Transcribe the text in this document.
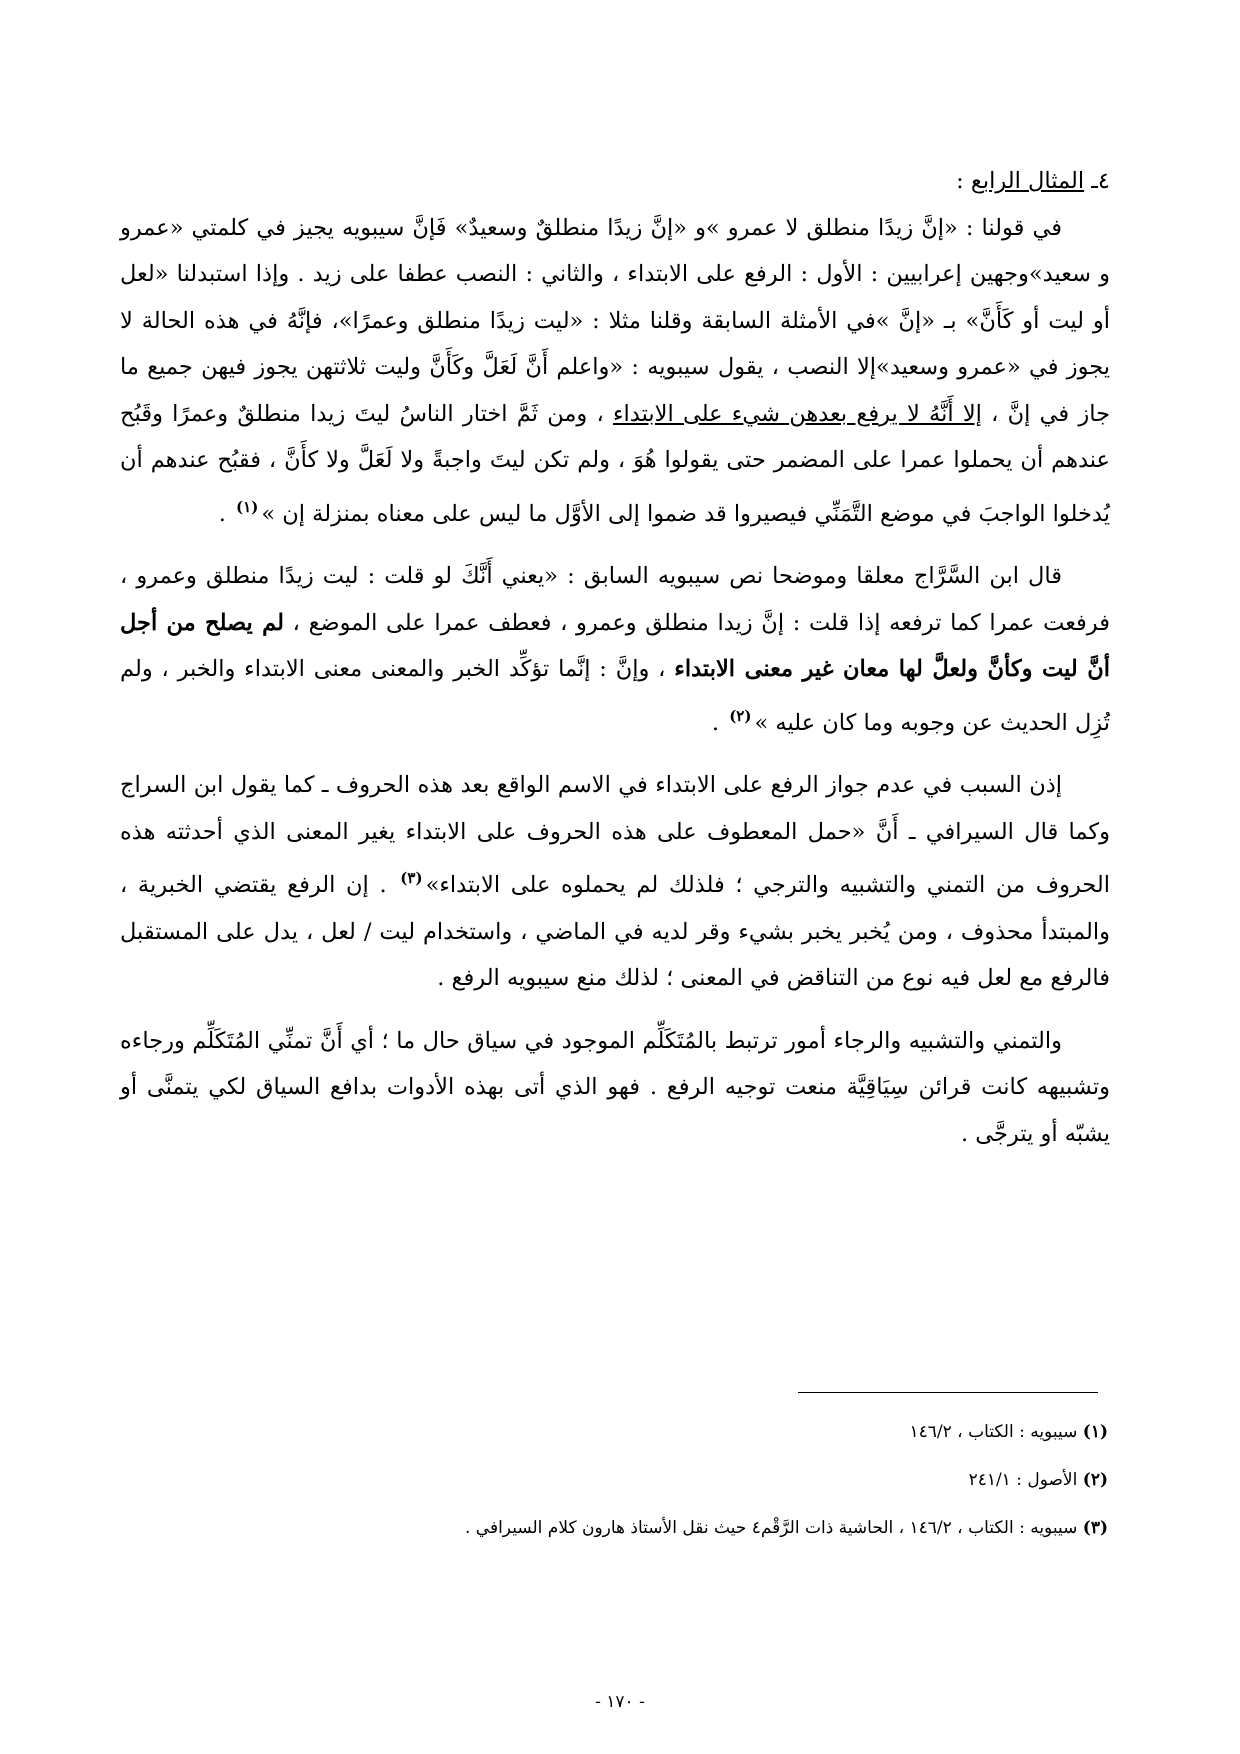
٤ـ المثال الرابع :

في قولنا : «إنَّ زيدًا منطلق لا عمرو »و «إنَّ زيدًا منطلقٌ وسعيدٌ» فَإنَّ سيبويه يجيز في كلمتي «عمرو و سعيد»وجهين إعرابيين : الأول : الرفع على الابتداء ، والثاني : النصب عطفا على زيد . وإذا استبدلنا «لعل أو ليت أو كَأَنَّ» بـ «إنَّ »في الأمثلة السابقة وقلنا مثلا : «ليت زيدًا منطلق وعمرًا»، فإنَّهُ في هذه الحالة لا يجوز في «عمرو وسعيد»إلا النصب ، يقول سيبويه : «واعلم أَنَّ لَعَلَّ وكَأَنَّ وليت ثلاثتهن يجوز فيهن جميع ما جاز في إنَّ ، إلا أَنَّهُ لا يرفع بعدهن شيء على الابتداء ، ومن ثَمَّ اختار الناسُ ليتَ زيدا منطلقٌ وعمرًا وقَبُح عندهم أن يحملوا عمرا على المضمر حتى يقولوا هُوَ ، ولم تكن ليتَ واجبةً ولا لَعَلَّ ولا كأَنَّ ، فقبُح عندهم أن يُدخلوا الواجبَ في موضع التَّمَنِّي فيصيروا قد ضموا إلى الأوَّل ما ليس على معناه بمنزلة إن »$^{(١)}$ .

قال ابن السَّرَّاج معلقا وموضحا نص سيبويه السابق : «يعني أَنَّكَ لو قلت : ليت زيدًا منطلق وعمرو ، فرفعت عمرا كما ترفعه إذا قلت : إنَّ زيدا منطلق وعمرو ، فعطف عمرا على الموضع ، لم يصلح من أجل أنَّ ليت وكأنَّ ولعلَّ لها معان غير معنى الابتداء ، وإنَّ : إنَّما تؤكِّد الخبر والمعنى معنى الابتداء والخبر ، ولم تُزِل الحديث عن وجوبه وما كان عليه »$^{(٢)}$ .

إذن السبب في عدم جواز الرفع على الابتداء في الاسم الواقع بعد هذه الحروف ـ كما يقول ابن السراج وكما قال السيرافي ـ أَنَّ «حمل المعطوف على هذه الحروف على الابتداء يغير المعنى الذي أحدثته هذه الحروف من التمني والتشبيه والترجي ؛ فلذلك لم يحملوه على الابتداء»$^{(٣)}$ . إن الرفع يقتضي الخبرية ، والمبتدأ محذوف ، ومن يُخبر يخبر بشيء وقر لديه في الماضي ، واستخدام ليت / لعل ، يدل على المستقبل فالرفع مع لعل فيه نوع من التناقض في المعنى ؛ لذلك منع سيبويه الرفع .

والتمني والتشبيه والرجاء أمور ترتبط بالمُتَكَلِّم الموجود في سياق حال ما ؛ أي أَنَّ تمنِّي المُتَكَلِّم ورجاءه وتشبيهه كانت قرائن سِيَاقِيَّة منعت توجيه الرفع . فهو الذي أتى بهذه الأدوات بدافع السياق لكي يتمنَّى أو يشبّه أو يترجَّى .

(١) سيبويه : الكتاب ، ١٤٦/٢

(٢) الأصول : ٢٤١/١

(٣) سيبويه : الكتاب ، ١٤٦/٢ ، الحاشية ذات الرَّقْم٤ حيث نقل الأستاذ هارون كلام السيرافي .

- ١٧٠ -
